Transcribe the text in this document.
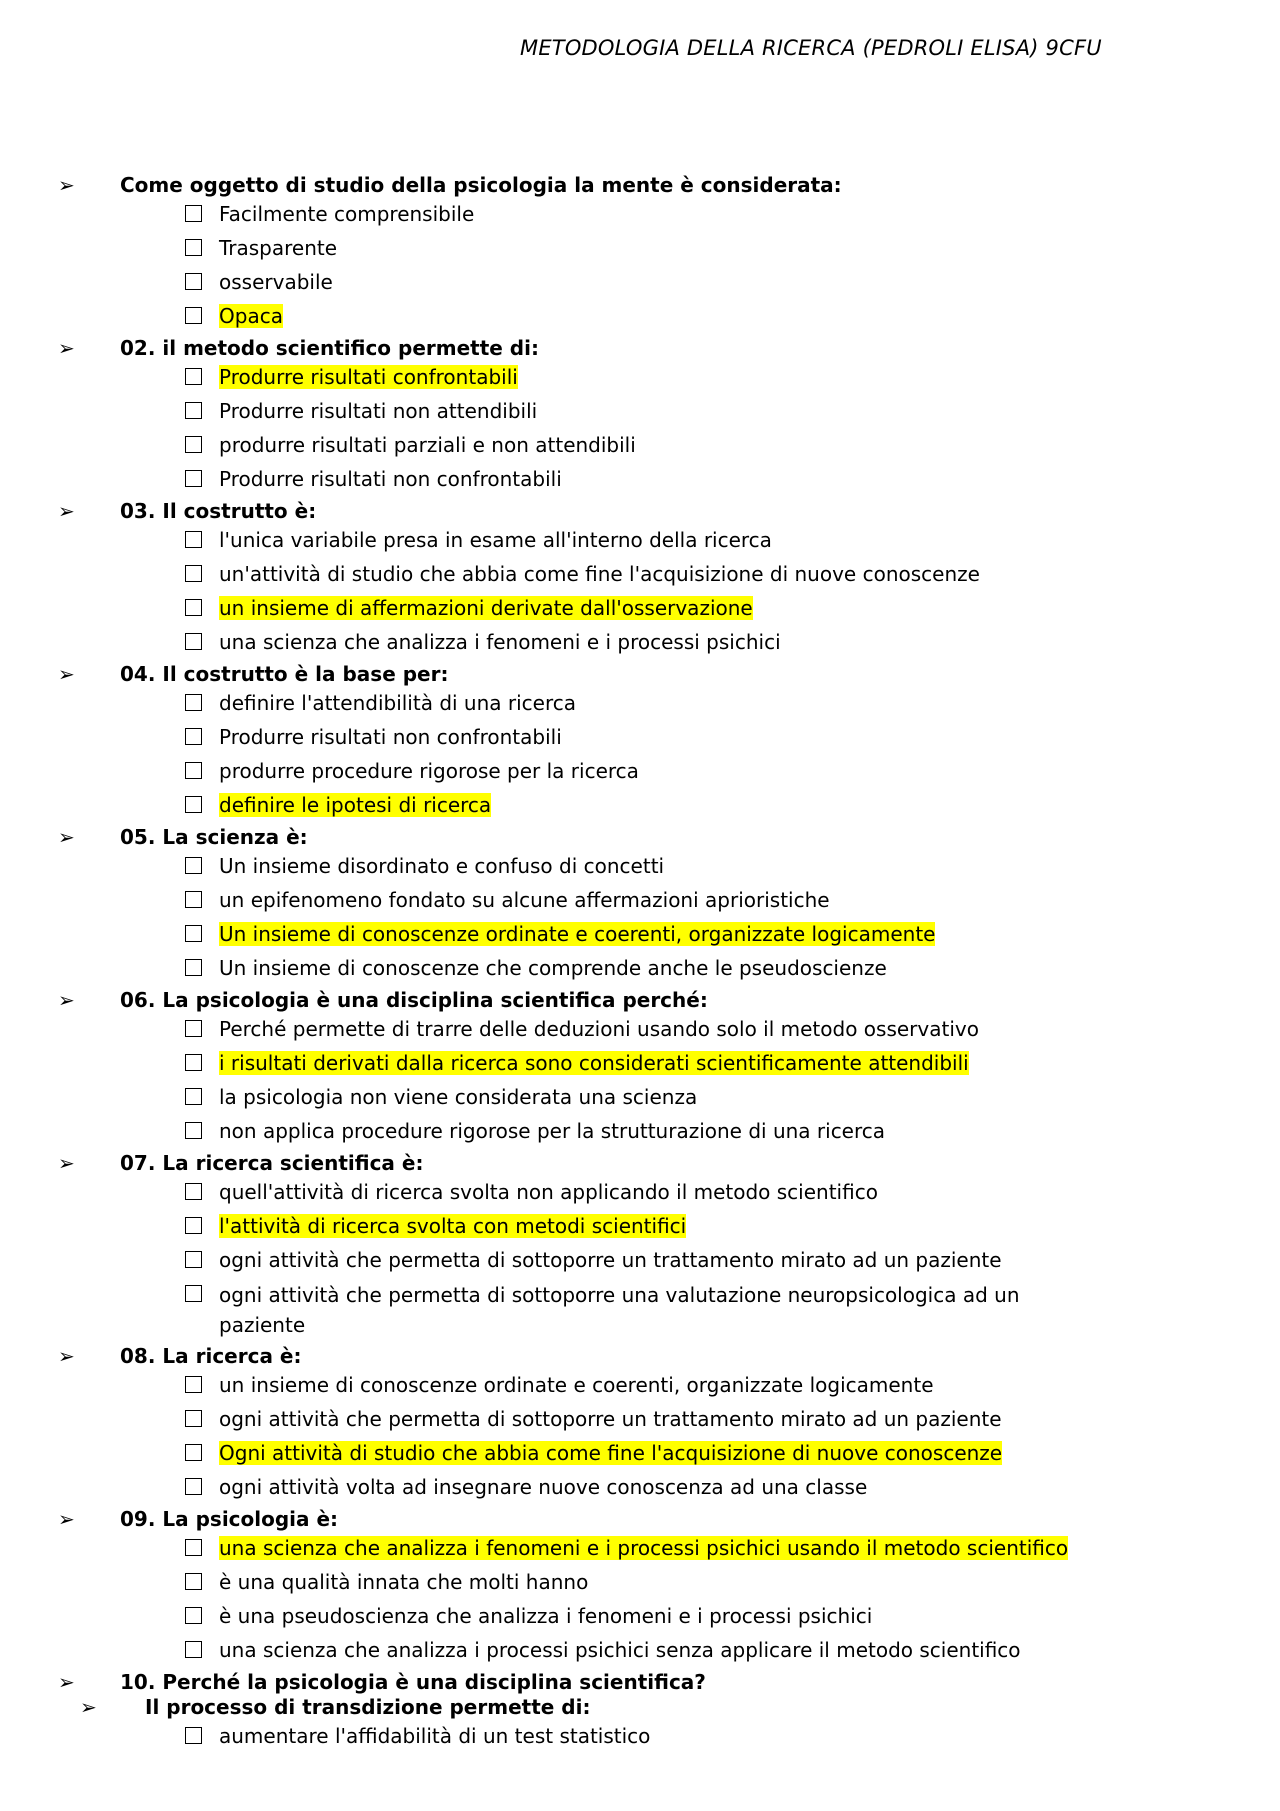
METODOLOGIA DELLA RICERCA (PEDROLI ELISA) 9CFU
➢ Come oggetto di studio della psicologia la mente è considerata:
Facilmente comprensibile
Trasparente
osservabile
Opaca
➢ 02. il metodo scientifico permette di:
Produrre risultati confrontabili
Produrre risultati non attendibili
produrre risultati parziali e non attendibili
Produrre risultati non confrontabili
➢ 03. Il costrutto è:
l'unica variabile presa in esame all'interno della ricerca
un'attività di studio che abbia come fine l'acquisizione di nuove conoscenze
un insieme di affermazioni derivate dall'osservazione
una scienza che analizza i fenomeni e i processi psichici
➢ 04. Il costrutto è la base per:
definire l'attendibilità di una ricerca
Produrre risultati non confrontabili
produrre procedure rigorose per la ricerca
definire le ipotesi di ricerca
➢ 05. La scienza è:
Un insieme disordinato e confuso di concetti
un epifenomeno fondato su alcune affermazioni aprioristiche
Un insieme di conoscenze ordinate e coerenti, organizzate logicamente
Un insieme di conoscenze che comprende anche le pseudoscienze
➢ 06. La psicologia è una disciplina scientifica perché:
Perché permette di trarre delle deduzioni usando solo il metodo osservativo
i risultati derivati dalla ricerca sono considerati scientificamente attendibili
la psicologia non viene considerata una scienza
non applica procedure rigorose per la strutturazione di una ricerca
➢ 07. La ricerca scientifica è:
quell'attività di ricerca svolta non applicando il metodo scientifico
l'attività di ricerca svolta con metodi scientifici
ogni attività che permetta di sottoporre un trattamento mirato ad un paziente
ogni attività che permetta di sottoporre una valutazione neuropsicologica ad un paziente
➢ 08. La ricerca è:
un insieme di conoscenze ordinate e coerenti, organizzate logicamente
ogni attività che permetta di sottoporre un trattamento mirato ad un paziente
Ogni attività di studio che abbia come fine l'acquisizione di nuove conoscenze
ogni attività volta ad insegnare nuove conoscenza ad una classe
➢ 09. La psicologia è:
una scienza che analizza i fenomeni e i processi psichici usando il metodo scientifico
è una qualità innata che molti hanno
è una pseudoscienza che analizza i fenomeni e i processi psichici
una scienza che analizza i processi psichici senza applicare il metodo scientifico
➢ 10. Perché la psicologia è una disciplina scientifica?
➢ Il processo di transdizione permette di:
aumentare l'affidabilità di un test statistico
